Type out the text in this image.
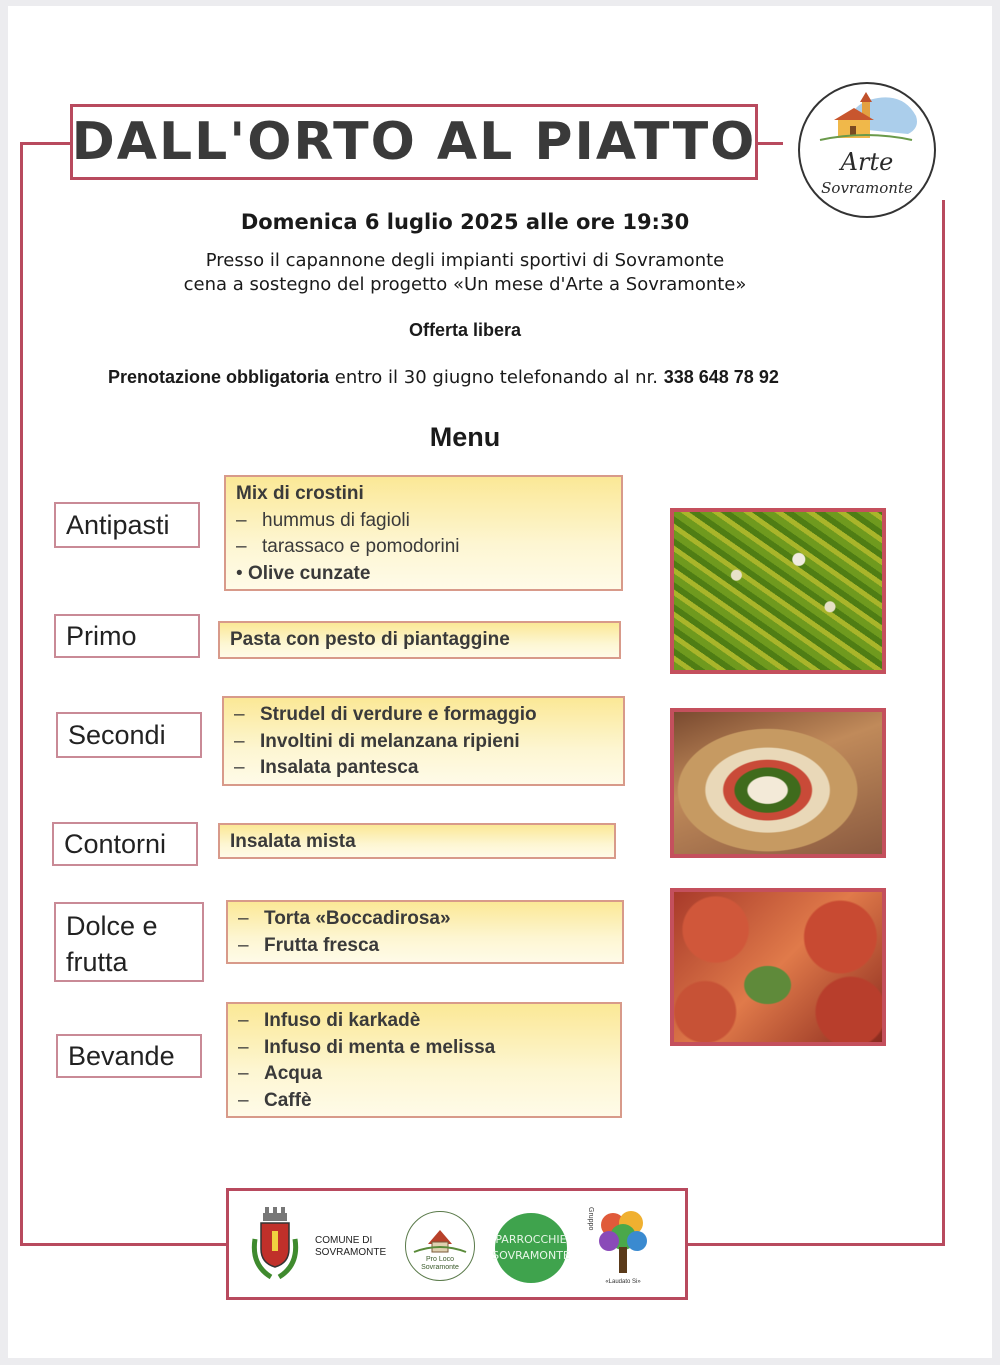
DALL'ORTO AL PIATTO	Arte
Sovramonte
Domenica 6 luglio 2025 alle ore 19:30
Presso il capannone degli impianti sportivi di Sovramonte
cena a sostegno del progetto «Un mese d'Arte a Sovramonte»
Offerta libera
Prenotazione obbligatoria entro il 30 giugno telefonando al nr. 338 648 78 92
Menu
Antipasti
Mix di crostini
– hummus di fagioli
– tarassaco e pomodorini
• Olive cunzate
Primo	Pasta con pesto di piantaggine
Secondi
– Strudel di verdure e formaggio
– Involtini di melanzana ripieni
– Insalata pantesca
Contorni	Insalata mista
Dolce e
frutta
– Torta «Boccadirosa»
– Frutta fresca
Bevande
– Infuso di karkadè
– Infuso di menta e melissa
– Acqua
– Caffè
COMUNE DI
SOVRAMONTE
Pro Loco
Sovramonte
PARROCCHIE
SOVRAMONTE
Gruppo
«Laudato Si»
